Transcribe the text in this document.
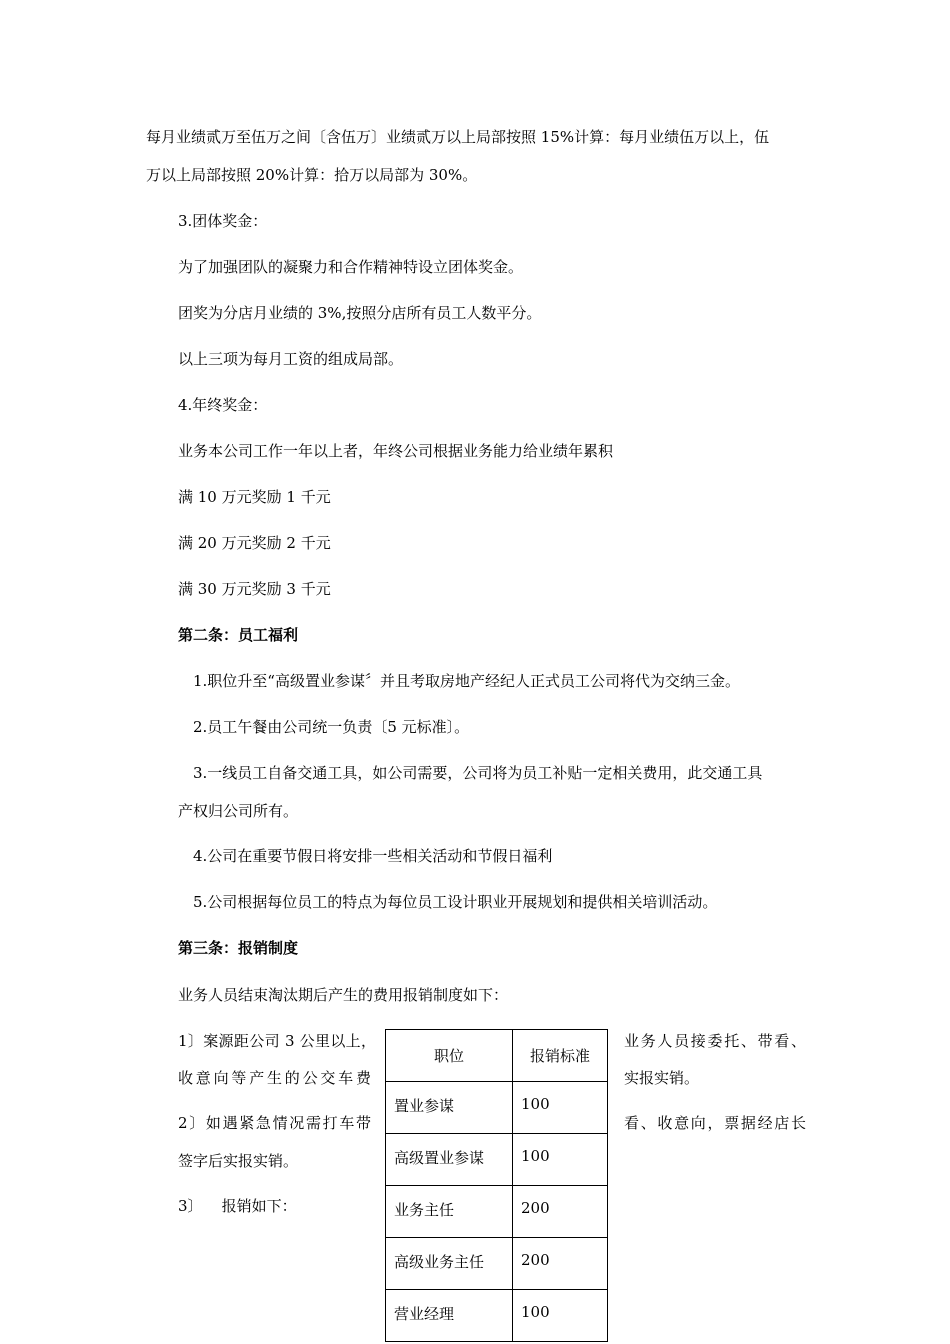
每月业绩贰万至伍万之间〔含伍万〕业绩贰万以上局部按照 15%计算：每月业绩伍万以上，伍
万以上局部按照 20%计算：拾万以局部为 30%。
3.团体奖金：
为了加强团队的凝聚力和合作精神特设立团体奖金。
团奖为分店月业绩的 3%,按照分店所有员工人数平分。
以上三项为每月工资的组成局部。
4.年终奖金：
业务本公司工作一年以上者，年终公司根据业务能力给业绩年累积
满 10 万元奖励 1 千元
满 20 万元奖励 2 千元
满 30 万元奖励 3 千元
第二条：员工福利
1.职位升至“高级置业参谋〞并且考取房地产经纪人正式员工公司将代为交纳三金。
2.员工午餐由公司统一负责〔5 元标准〕。
3.一线员工自备交通工具，如公司需要，公司将为员工补贴一定相关费用，此交通工具
产权归公司所有。
4.公司在重要节假日将安排一些相关活动和节假日福利
5.公司根据每位员工的特点为每位员工设计职业开展规划和提供相关培训活动。
第三条：报销制度
业务人员结束淘汰期后产生的费用报销制度如下：
1〕案源距公司 3 公里以上，
收意向等产生的公交车费
2〕如遇紧急情况需打车带
签字后实报实销。
3〕    报销如下：
业务人员接委托、带看、
实报实销。
看、收意向，票据经店长
职位	报销标准
置业参谋	100
高级置业参谋	100
业务主任	200
高级业务主任	200
营业经理	100
